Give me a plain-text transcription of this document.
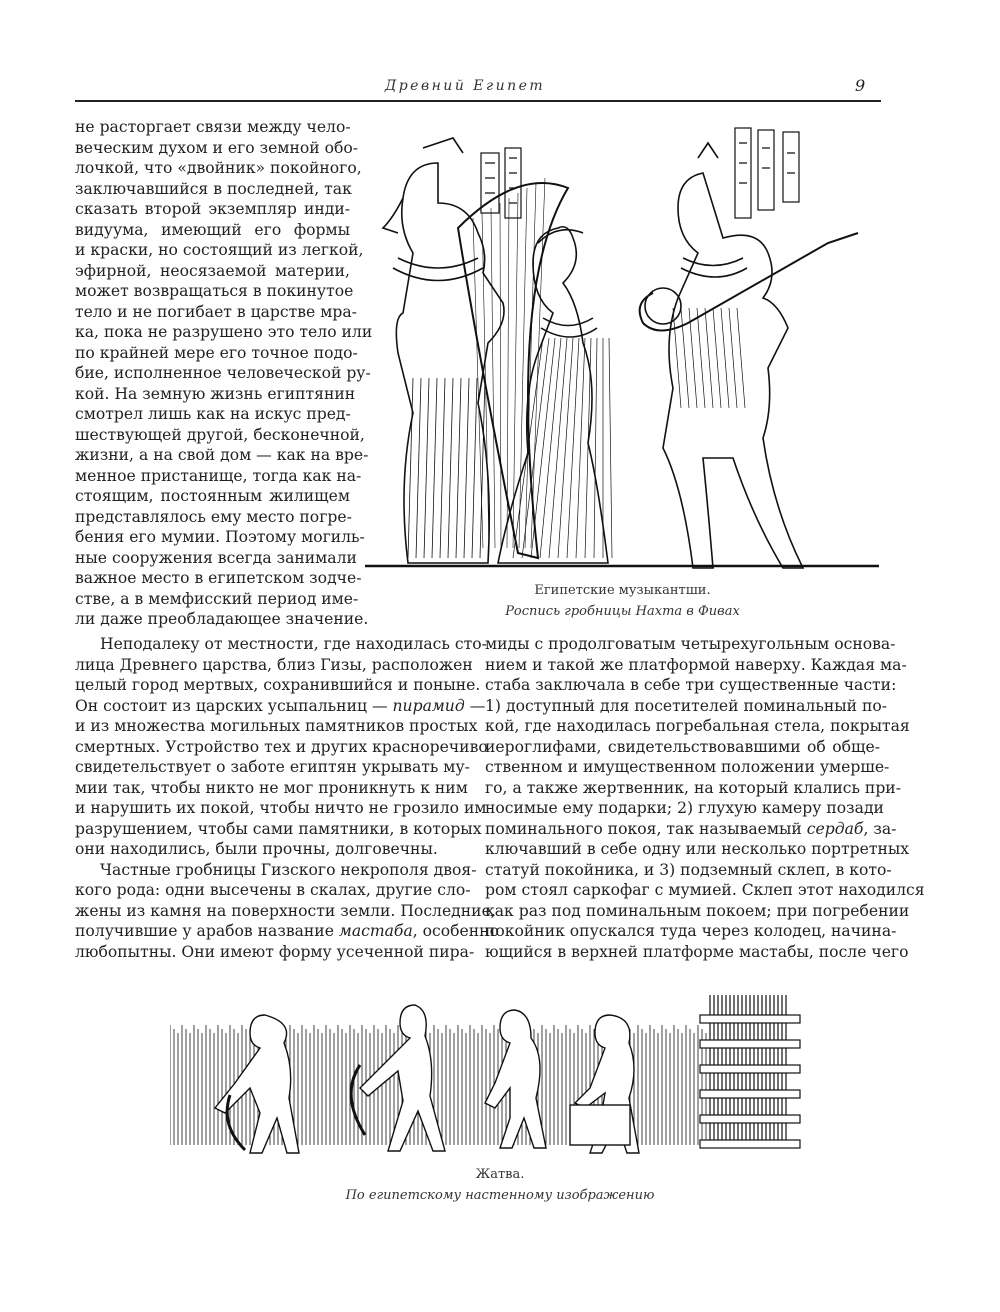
Древний Египет	9
не расторгает связи между чело-
веческим духом и его земной обо-
лочкой, что «двойник» покойного,
заключавшийся в последней, так
сказать второй экземпляр инди-
видуума, имеющий его формы
и краски, но состоящий из легкой,
эфирной, неосязаемой материи,
может возвращаться в покинутое
тело и не погибает в царстве мра-
ка, пока не разрушено это тело или
по крайней мере его точное подо-
бие, исполненное человеческой ру-
кой. На земную жизнь египтянин
смотрел лишь как на искус пред-
шествующей другой, бесконечной,
жизни, а на свой дом — как на вре-
менное пристанище, тогда как на-
стоящим, постоянным жилищем
представлялось ему место погре-
бения его мумии. Поэтому могиль-
ные сооружения всегда занимали
важное место в египетском зодче-
стве, а в мемфисский период име-
ли даже преобладающее значение.
Неподалеку от местности, где находилась сто-
лица Древнего царства, близ Гизы, расположен
целый город мертвых, сохранившийся и поныне.
Он состоит из царских усыпальниц — пирамид —
и из множества могильных памятников простых
смертных. Устройство тех и других красноречиво
свидетельствует о заботе египтян укрывать му-
мии так, чтобы никто не мог проникнуть к ним
и нарушить их покой, чтобы ничто не грозило им
разрушением, чтобы сами памятники, в которых
они находились, были прочны, долговечны.
Частные гробницы Гизского некрополя двоя-
кого рода: одни высечены в скалах, другие сло-
жены из камня на поверхности земли. Последние,
получившие у арабов название мастаба, особенно
любопытны. Они имеют форму усеченной пира-
миды с продолговатым четырехугольным основа-
нием и такой же платформой наверху. Каждая ма-
стаба заключала в себе три существенные части:
1) доступный для посетителей поминальный по-
кой, где находилась погребальная стела, покрытая
иероглифами, свидетельствовавшими об обще-
ственном и имущественном положении умерше-
го, а также жертвенник, на который клались при-
носимые ему подарки; 2) глухую камеру позади
поминального покоя, так называемый сердаб, за-
ключавший в себе одну или несколько портретных
статуй покойника, и 3) подземный склеп, в кото-
ром стоял саркофаг с мумией. Склеп этот находился
как раз под поминальным покоем; при погребении
покойник опускался туда через колодец, начина-
ющийся в верхней платформе мастабы, после чего
Египетские музыкантши.
Роспись гробницы Нахта в Фивах
Жатва.
По египетскому настенному изображению
